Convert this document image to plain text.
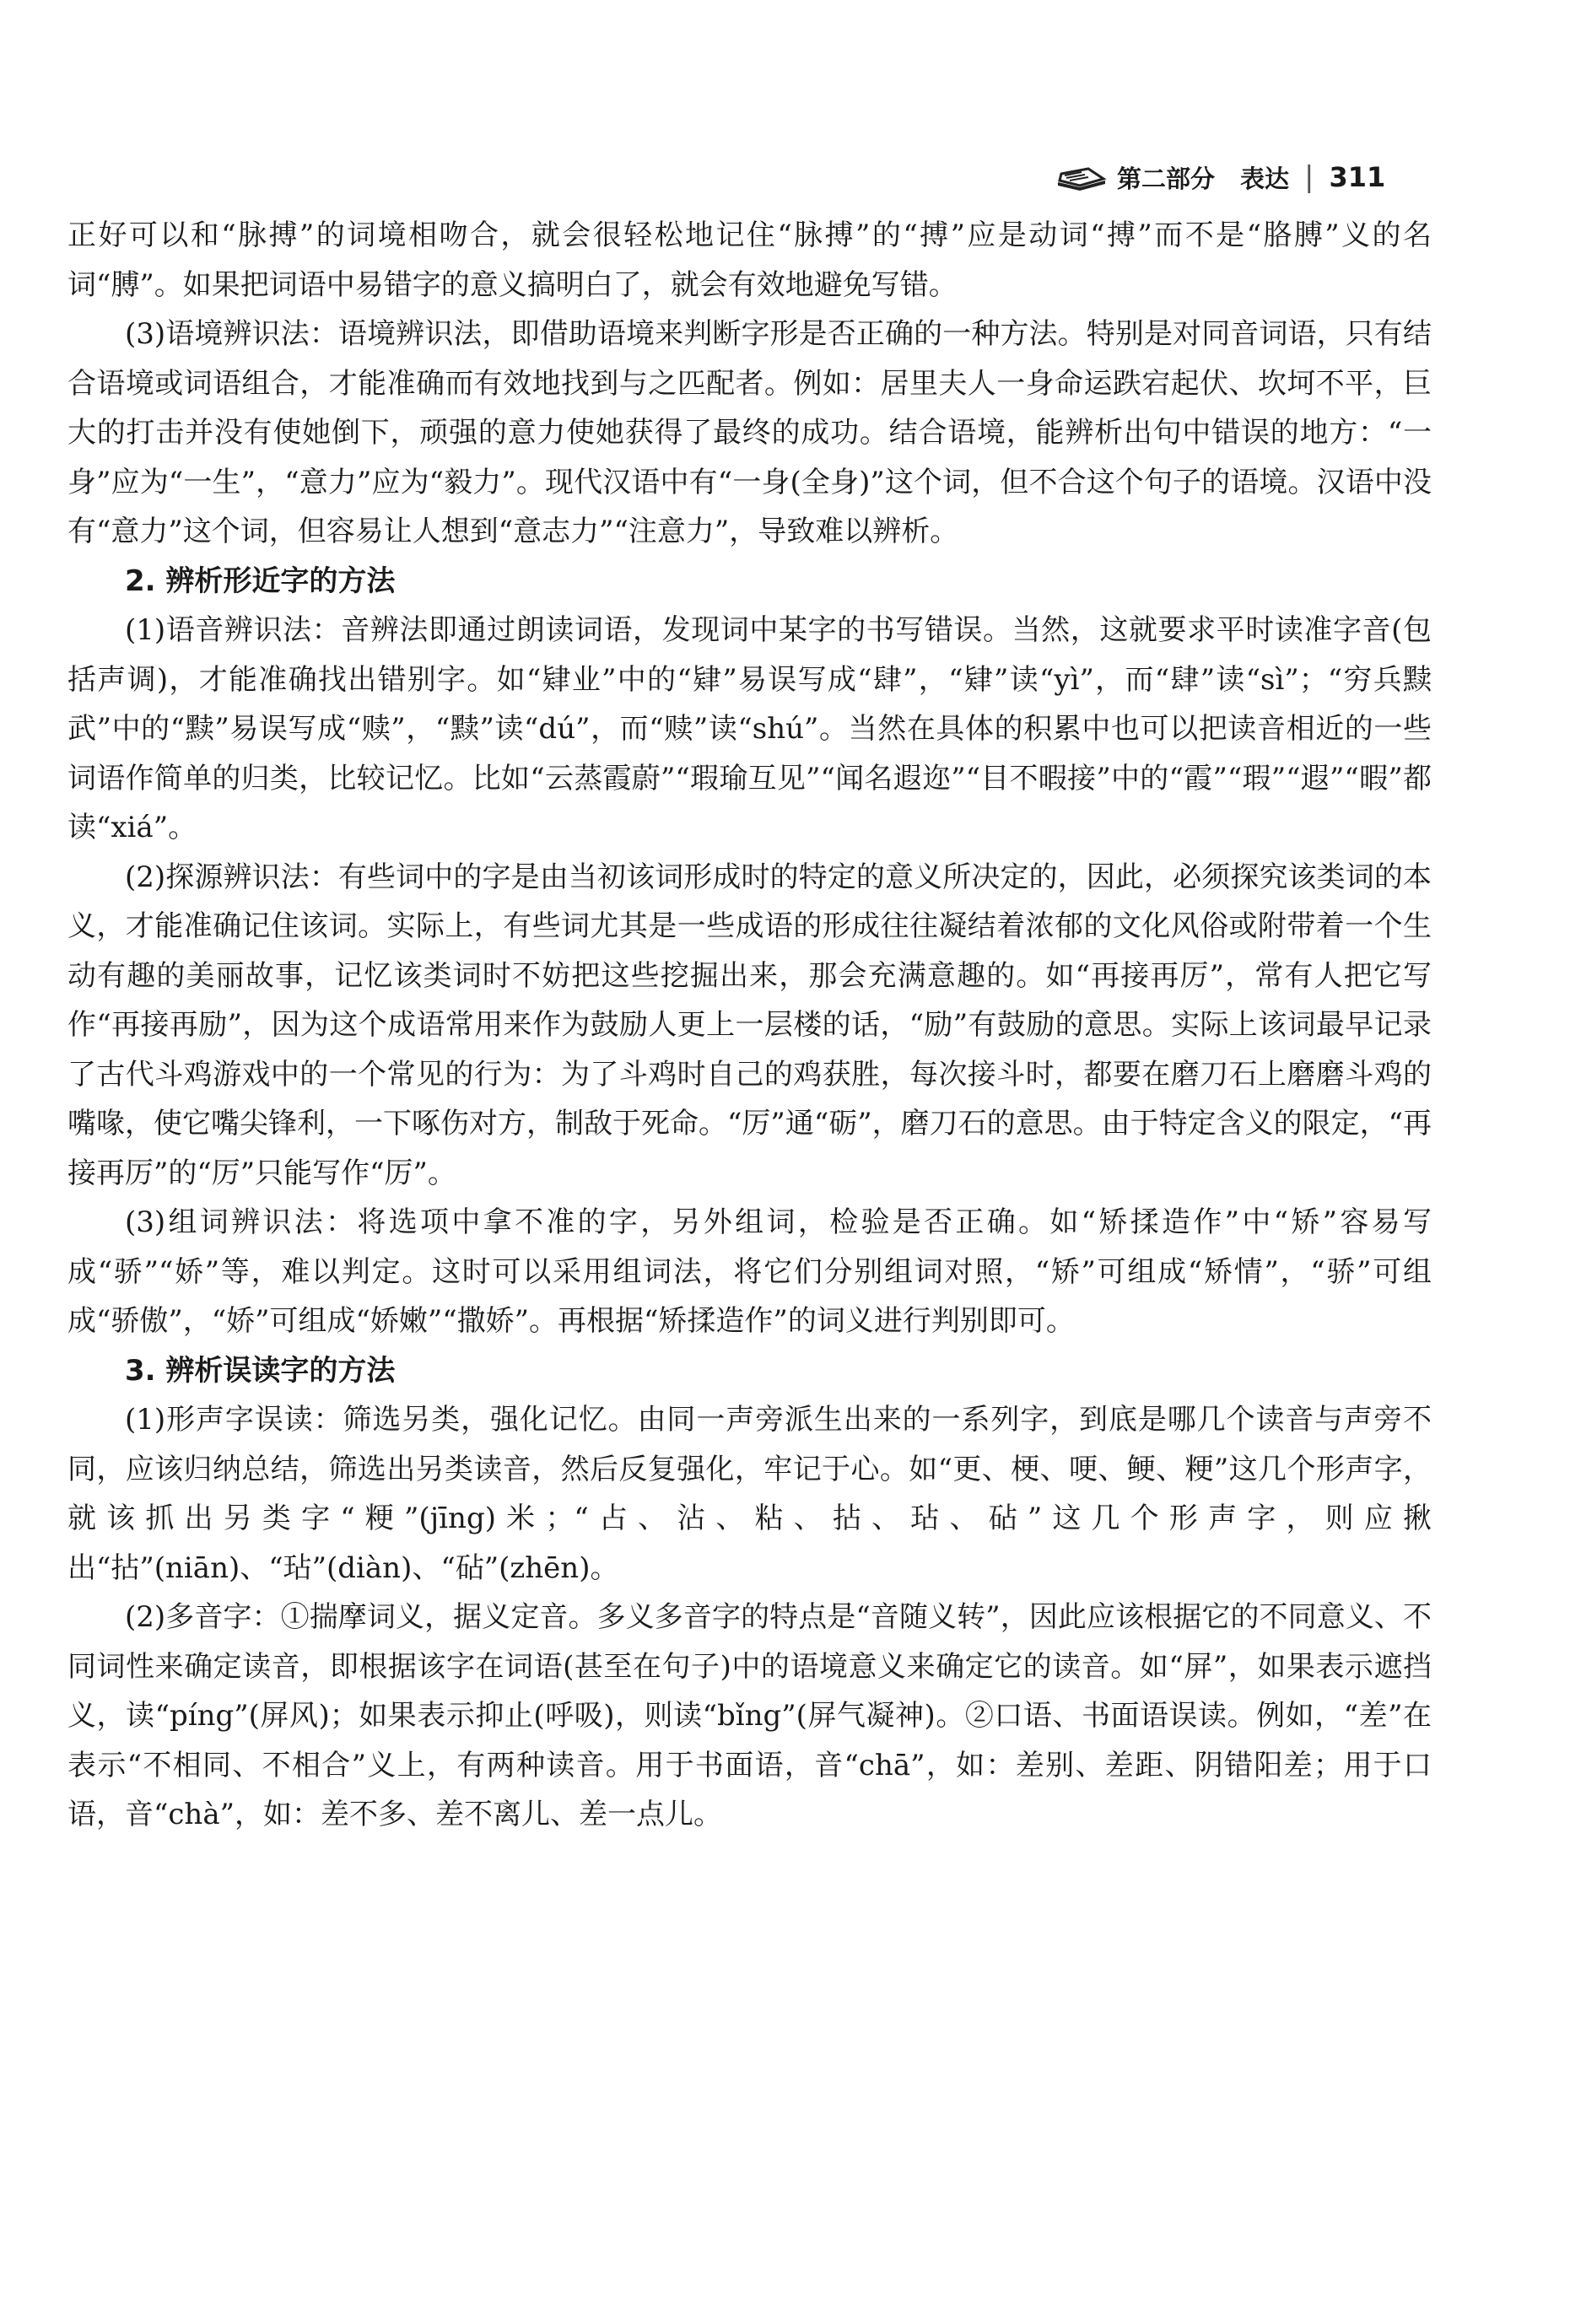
第二部分 表达 | 311

正好可以和“脉搏”的词境相吻合，就会很轻松地记住“脉搏”的“搏”应是动词“搏”而不是“胳膊”义的名词“膊”。如果把词语中易错字的意义搞明白了，就会有效地避免写错。

(3)语境辨识法：语境辨识法，即借助语境来判断字形是否正确的一种方法。特别是对同音词语，只有结合语境或词语组合，才能准确而有效地找到与之匹配者。例如：居里夫人一身命运跌宕起伏、坎坷不平，巨大的打击并没有使她倒下，顽强的意力使她获得了最终的成功。结合语境，能辨析出句中错误的地方：“一身”应为“一生”，“意力”应为“毅力”。现代汉语中有“一身(全身)”这个词，但不合这个句子的语境。汉语中没有“意力”这个词，但容易让人想到“意志力”“注意力”，导致难以辨析。

2. 辨析形近字的方法

(1)语音辨识法：音辨法即通过朗读词语，发现词中某字的书写错误。当然，这就要求平时读准字音(包括声调)，才能准确找出错别字。如“肄业”中的“肄”易误写成“肆”，“肄”读“yì”，而“肆”读“sì”；“穷兵黩武”中的“黩”易误写成“赎”，“黩”读“dú”，而“赎”读“shú”。当然在具体的积累中也可以把读音相近的一些词语作简单的归类，比较记忆。比如“云蒸霞蔚”“瑕瑜互见”“闻名遐迩”“目不暇接”中的“霞”“瑕”“遐”“暇”都读“xiá”。

(2)探源辨识法：有些词中的字是由当初该词形成时的特定的意义所决定的，因此，必须探究该类词的本义，才能准确记住该词。实际上，有些词尤其是一些成语的形成往往凝结着浓郁的文化风俗或附带着一个生动有趣的美丽故事，记忆该类词时不妨把这些挖掘出来，那会充满意趣的。如“再接再厉”，常有人把它写作“再接再励”，因为这个成语常用来作为鼓励人更上一层楼的话，“励”有鼓励的意思。实际上该词最早记录了古代斗鸡游戏中的一个常见的行为：为了斗鸡时自己的鸡获胜，每次接斗时，都要在磨刀石上磨磨斗鸡的嘴喙，使它嘴尖锋利，一下啄伤对方，制敌于死命。“厉”通“砺”，磨刀石的意思。由于特定含义的限定，“再接再厉”的“厉”只能写作“厉”。

(3)组词辨识法：将选项中拿不准的字，另外组词，检验是否正确。如“矫揉造作”中“矫”容易写成“骄”“娇”等，难以判定。这时可以采用组词法，将它们分别组词对照，“矫”可组成“矫情”，“骄”可组成“骄傲”，“娇”可组成“娇嫩”“撒娇”。再根据“矫揉造作”的词义进行判别即可。

3. 辨析误读字的方法

(1)形声字误读：筛选另类，强化记忆。由同一声旁派生出来的一系列字，到底是哪几个读音与声旁不同，应该归纳总结，筛选出另类读音，然后反复强化，牢记于心。如“更、梗、哽、鲠、粳”这几个形声字，就该抓出另类字“粳”(jīng)米；“占、沾、粘、拈、玷、砧”这几个形声字，则应揪出“拈”(niān)、“玷”(diàn)、“砧”(zhēn)。

(2)多音字：①揣摩词义，据义定音。多义多音字的特点是“音随义转”，因此应该根据它的不同意义、不同词性来确定读音，即根据该字在词语(甚至在句子)中的语境意义来确定它的读音。如“屏”，如果表示遮挡义，读“píng”(屏风)；如果表示抑止(呼吸)，则读“bǐng”(屏气凝神)。②口语、书面语误读。例如，“差”在表示“不相同、不相合”义上，有两种读音。用于书面语，音“chā”，如：差别、差距、阴错阳差；用于口语，音“chà”，如：差不多、差不离儿、差一点儿。
